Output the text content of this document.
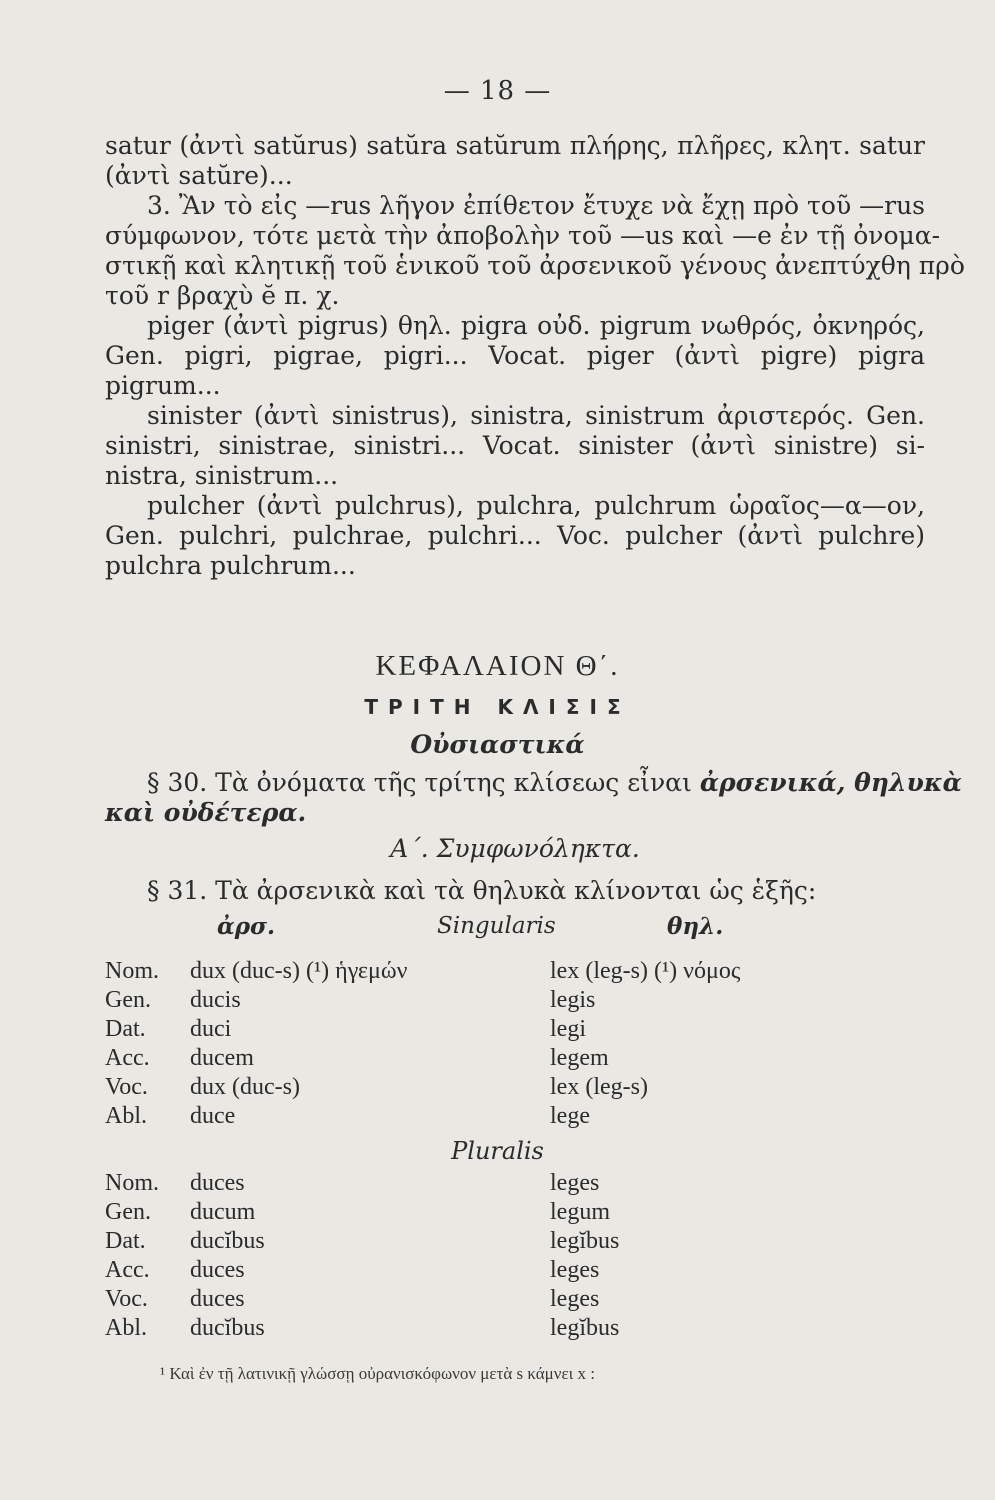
— 18 —
satur (ἀντὶ satŭrus) satŭra satŭrum πλήρης, πλῆρες, κλητ. satur
(ἀντὶ satŭre)...
3. Ἂν τὸ εἰς —rus λῆγον ἐπίθετον ἔτυχε νὰ ἔχῃ πρὸ τοῦ —rus
σύμφωνον, τότε μετὰ τὴν ἀποβολὴν τοῦ —us καὶ —e ἐν τῇ ὀνομα-
στικῇ καὶ κλητικῇ τοῦ ἑνικοῦ τοῦ ἀρσενικοῦ γένους ἀνεπτύχθη πρὸ
τοῦ r βραχὺ ĕ π. χ.
piger (ἀντὶ pigrus) θηλ. pigra οὐδ. pigrum νωθρός, ὀκνηρός,
Gen. pigri, pigrae, pigri... Vocat. piger (ἀντὶ pigre) pigra
pigrum...
sinister (ἀντὶ sinistrus), sinistra, sinistrum ἀριστερός. Gen.
sinistri, sinistrae, sinistri... Vocat. sinister (ἀντὶ sinistre) si-
nistra, sinistrum...
pulcher (ἀντὶ pulchrus), pulchra, pulchrum ὡραῖος—α—ον,
Gen. pulchri, pulchrae, pulchri... Voc. pulcher (ἀντὶ pulchre)
pulchra pulchrum...
ΚΕΦΑΛΑΙΟΝ Θ΄.
ΤΡΙΤΗ ΚΛΙΣΙΣ
Οὐσιαστικά
§ 30. Τὰ ὀνόματα τῆς τρίτης κλίσεως εἶναι ἀρσενικά, θηλυκὰ
καὶ οὐδέτερα.
Α΄. Συμφωνόληκτα.
§ 31. Τὰ ἀρσενικὰ καὶ τὰ θηλυκὰ κλίνονται ὡς ἑξῆς:
ἀρσ.	Singularis	θηλ.
Nom. dux (duc-s) (¹) ἡγεμών	lex (leg-s) (¹) νόμος
Gen. ducis	legis
Dat. duci	legi
Acc. ducem	legem
Voc. dux (duc-s)	lex (leg-s)
Abl. duce	lege
Pluralis
Nom. duces	leges
Gen. ducum	legum
Dat. ducĭbus	legĭbus
Acc. duces	leges
Voc. duces	leges
Abl. ducĭbus	legĭbus
¹ Καὶ ἐν τῇ λατινικῇ γλώσσῃ οὐρανισκόφωνον μετὰ s κάμνει x :
